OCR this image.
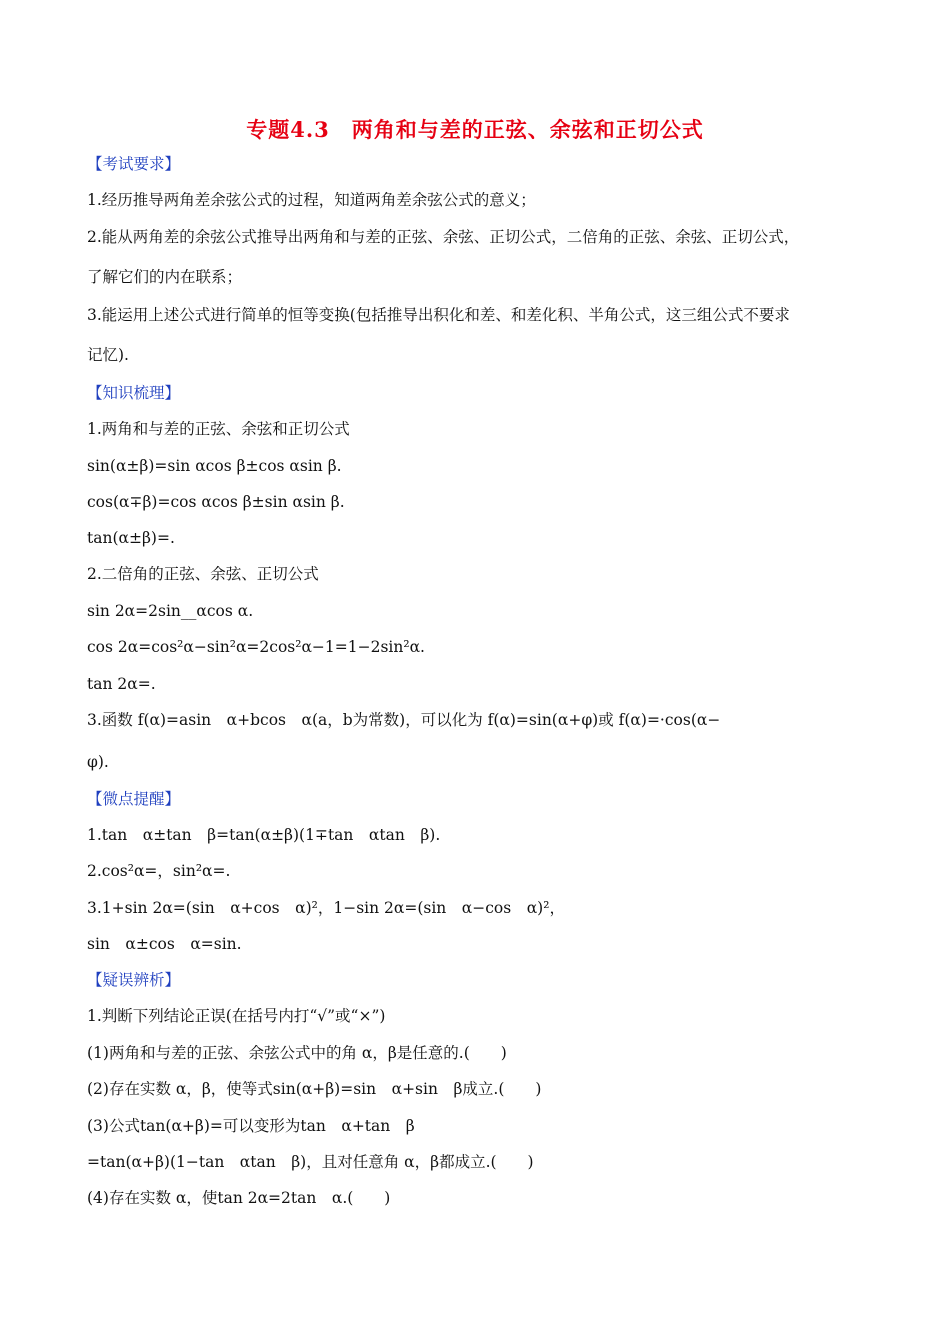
专题4.3　两角和与差的正弦、余弦和正切公式
【考试要求】
1.经历推导两角差余弦公式的过程，知道两角差余弦公式的意义；
2.能从两角差的余弦公式推导出两角和与差的正弦、余弦、正切公式，二倍角的正弦、余弦、正切公式，
了解它们的内在联系；
3.能运用上述公式进行简单的恒等变换(包括推导出积化和差、和差化积、半角公式，这三组公式不要求
记忆).
【知识梳理】
1.两角和与差的正弦、余弦和正切公式
sin(α±β)=sin αcos β±cos αsin β.
cos(α∓β)=cos αcos β±sin αsin β.
tan(α±β)=.
2.二倍角的正弦、余弦、正切公式
sin 2α=2sin__αcos α.
cos 2α=cos²α−sin²α=2cos²α−1=1−2sin²α.
tan 2α=.
3.函数 f(α)=asin　α+bcos　α(a，b为常数)，可以化为 f(α)=sin(α+φ)或 f(α)=·cos(α−
φ).
【微点提醒】
1.tan　α±tan　β=tan(α±β)(1∓tan　αtan　β).
2.cos²α=，sin²α=.
3.1+sin 2α=(sin　α+cos　α)²，1−sin 2α=(sin　α−cos　α)²，
sin　α±cos　α=sin.
【疑误辨析】
1.判断下列结论正误(在括号内打“√”或“×”)
(1)两角和与差的正弦、余弦公式中的角 α，β是任意的.(　　)
(2)存在实数 α，β，使等式sin(α+β)=sin　α+sin　β成立.(　　)
(3)公式tan(α+β)=可以变形为tan　α+tan　β
=tan(α+β)(1−tan　αtan　β)，且对任意角 α，β都成立.(　　)
(4)存在实数 α，使tan 2α=2tan　α.(　　)
